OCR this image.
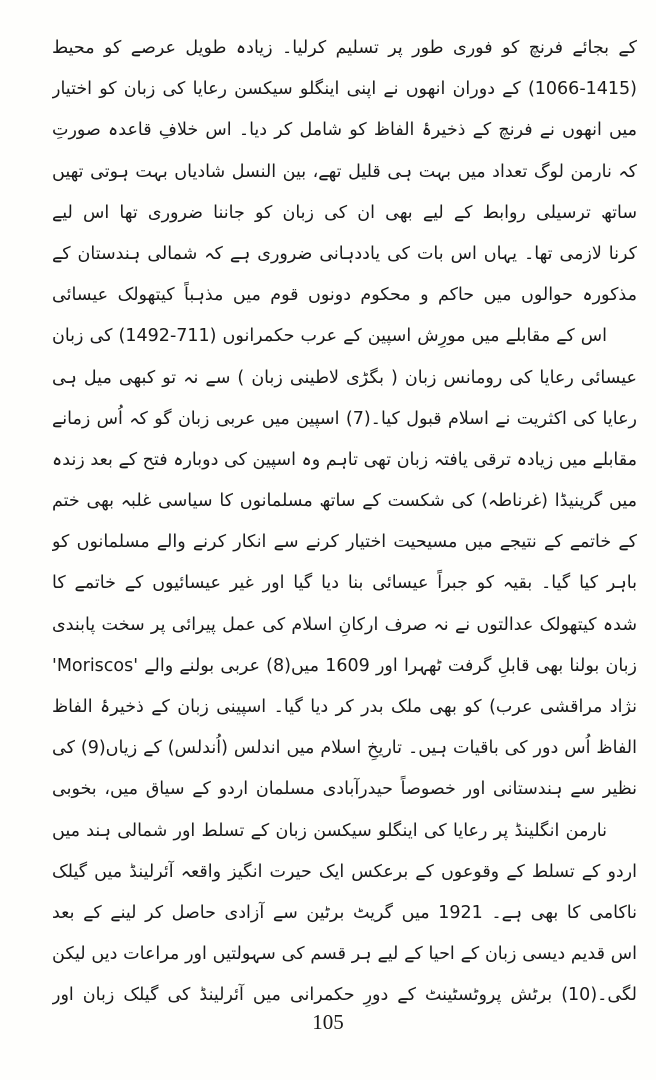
کے بجائے فرنچ کو فوری طور پر تسلیم کرلیا۔ زیادہ طویل عرصے کو محیط
(1066-1415) کے دوران انھوں نے اپنی اینگلو سیکسن رعایا کی زبان کو اختیار
میں انھوں نے فرنچ کے ذخیرۂ الفاظ کو شامل کر دیا۔ اس خلافِ قاعدہ صورتِ
کہ نارمن لوگ تعداد میں بہت ہی قلیل تھے، بین النسل شادیاں بہت ہوتی تھیں
ساتھ ترسیلی روابط کے لیے بھی ان کی زبان کو جاننا ضروری تھا اس لیے
کرنا لازمی تھا۔ یہاں اس بات کی یاددہانی ضروری ہے کہ شمالی ہندستان کے
مذکورہ حوالوں میں حاکم و محکوم دونوں قوم میں مذہباً کیتھولک عیسائی
اس کے مقابلے میں مورِش اسپین کے عرب حکمرانوں (711-1492) کی زبان
عیسائی رعایا کی رومانس زبان ( بگڑی لاطینی زبان ) سے نہ تو کبھی میل ہی
رعایا کی اکثریت نے اسلام قبول کیا۔(7) اسپین میں عربی زبان گو کہ اُس زمانے
مقابلے میں زیادہ ترقی یافتہ زبان تھی تاہم وہ اسپین کی دوبارہ فتح کے بعد زندہ
میں گرینیڈا (غرناطہ) کی شکست کے ساتھ مسلمانوں کا سیاسی غلبہ بھی ختم
کے خاتمے کے نتیجے میں مسیحیت اختیار کرنے سے انکار کرنے والے مسلمانوں کو
باہر کیا گیا۔ بقیہ کو جبراً عیسائی بنا دیا گیا اور غیر عیسائیوں کے خاتمے کا
شدہ کیتھولک عدالتوں نے نہ صرف ارکانِ اسلام کی عمل پیرائی پر سخت پابندی
زبان بولنا بھی قابلِ گرفت ٹھہرا اور 1609 میں(8) عربی بولنے والے 'Moriscos'
نژاد مراقشی عرب) کو بھی ملک بدر کر دیا گیا۔ اسپینی زبان کے ذخیرۂ الفاظ
الفاظ اُس دور کی باقیات ہیں۔ تاریخِ اسلام میں اندلس (اُندلس) کے زیاں(9) کی
نظیر سے ہندستانی اور خصوصاً حیدرآبادی مسلمان اردو کے سیاق میں، بخوبی
نارمن انگلینڈ پر رعایا کی اینگلو سیکسن زبان کے تسلط اور شمالی ہند میں
اردو کے تسلط کے وقوعوں کے برعکس ایک حیرت انگیز واقعہ آئرلینڈ میں گیلک
ناکامی کا بھی ہے۔ 1921 میں گریٹ برٹین سے آزادی حاصل کر لینے کے بعد
اس قدیم دیسی زبان کے احیا کے لیے ہر قسم کی سہولتیں اور مراعات دیں لیکن
لگی۔(10) برٹش پروٹسٹینٹ کے دورِ حکمرانی میں آئرلینڈ کی گیلک زبان اور
105
